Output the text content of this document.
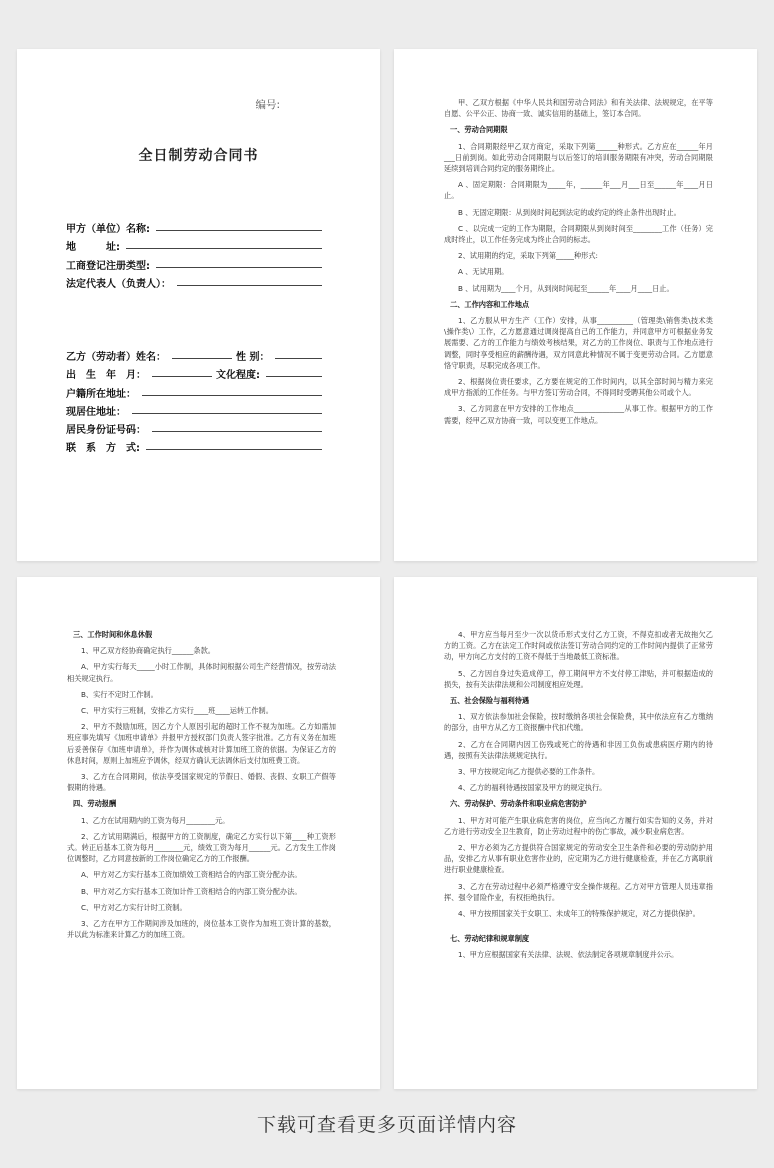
编号:
全日制劳动合同书
甲方（单位）名称:
地　　　址:
工商登记注册类型:
法定代表人（负责人）：
乙方（劳动者）姓名：	性 别：
出　生　年　月：	文化程度:
户籍所在地址：
现居住地址：
居民身份证号码：
联　系　方　式:

甲、乙双方根据《中华人民共和国劳动合同法》和有关法律、法规规定，在平等自愿、公平公正、协商一致、诚实信用的基础上，签订本合同。

一、劳动合同期限

1、合同期限经甲乙双方商定，采取下列第______种形式。乙方应在______年月___日前到岗。如此劳动合同期限与以后签订的培训服务期限有冲突，劳动合同期限延续到培训合同约定的服务期终止。

A 、固定期限：合同期限为_____年，______年___月___日至______年____月日止。

B 、无固定期限：从到岗时间起到法定的或约定的终止条件出现时止。

C 、以完成一定的工作为期限，合同期限从到岗时间至________工作（任务）完成时终止，以工作任务完成为终止合同的标志。

2、试用期的约定，采取下列第_____种形式:

A 、无试用期。

B 、试用期为____个月，从到岗时间起至______年____月____日止。

二、工作内容和工作地点

1、乙方服从甲方生产（工作）安排，从事__________（管理类\销售类\技术类\操作类\）工作，乙方愿意通过调岗提高自己的工作能力，并同意甲方可根据业务发展需要、乙方的工作能力与绩效考核结果，对乙方的工作岗位、职责与工作地点进行调整，同时享受相应的薪酬待遇，双方同意此种情况不属于变更劳动合同。乙方愿意恪守职责，尽职完成各项工作。

2、根据岗位责任要求，乙方要在规定的工作时间内，以其全部时间与精力来完成甲方指派的工作任务。与甲方签订劳动合同，不得同时受聘其他公司或个人。

3、乙方同意在甲方安排的工作地点______________从事工作。根据甲方的工作需要，经甲乙双方协商一致，可以变更工作地点。

三、工作时间和休息休假

1、甲乙双方经协商确定执行______条款。

A、甲方实行每天_____小时工作制，具体时间根据公司生产经营情况，按劳动法相关规定执行。

B、实行不定时工作制。

C、甲方实行三班制，安排乙方实行____班____运转工作制。

2、甲方不鼓励加班，因乙方个人原因引起的超时工作不视为加班。乙方如需加班应事先填写《加班申请单》并报甲方授权部门负责人签字批准。乙方有义务在加班后妥善保存《加班申请单》，并作为调休或核对计算加班工资的依据。为保证乙方的休息时间，原则上加班应予调休，经双方确认无法调休后支付加班费工资。

3、乙方在合同期间，依法享受国家规定的节假日、婚假、丧假、女职工产假等假期的待遇。

四、劳动报酬

1、乙方在试用期内的工资为每月________元。

2、乙方试用期满后，根据甲方的工资制度，确定乙方实行以下第____种工资形式。转正后基本工资为每月________元，绩效工资为每月______元。乙方发生工作岗位调整时，乙方同意按新的工作岗位确定乙方的工作报酬。

A、甲方对乙方实行基本工资加绩效工资相结合的内部工资分配办法。

B、甲方对乙方实行基本工资加计件工资相结合的内部工资分配办法。

C、甲方对乙方实行计时工资制。

3、乙方在甲方工作期间涉及加班的，岗位基本工资作为加班工资计算的基数，并以此为标准来计算乙方的加班工资。

4、甲方应当每月至少一次以货币形式支付乙方工资，不得克扣或者无故拖欠乙方的工资。乙方在法定工作时间或依法签订劳动合同约定的工作时间内提供了正常劳动，甲方向乙方支付的工资不得低于当地最低工资标准。

5、乙方因自身过失造成停工，停工期间甲方不支付停工津贴，并可根据造成的损失，按有关法律法规和公司制度相应处理。

五、社会保险与福利待遇

1、双方依法参加社会保险，按时缴纳各项社会保险费，其中依法应有乙方缴纳的部分，由甲方从乙方工资报酬中代扣代缴。

2、乙方在合同期内因工伤残或死亡的待遇和非因工负伤或患病医疗期内的待遇，按照有关法律法规规定执行。

3、甲方按规定向乙方提供必要的工作条件。

4、乙方的福利待遇按国家及甲方的规定执行。

六、劳动保护、劳动条件和职业病危害防护

1、甲方对可能产生职业病危害的岗位，应当向乙方履行如实告知的义务，并对乙方进行劳动安全卫生教育，防止劳动过程中的伤亡事故，减少职业病危害。

2、甲方必须为乙方提供符合国家规定的劳动安全卫生条件和必要的劳动防护用品，安排乙方从事有职业危害作业的，应定期为乙方进行健康检查，并在乙方离职前进行职业健康检查。

3、乙方在劳动过程中必须严格遵守安全操作规程。乙方对甲方管理人员违章指挥、强令冒险作业，有权拒绝执行。

4、甲方按照国家关于女职工、未成年工的特殊保护规定，对乙方提供保护。

七、劳动纪律和规章制度

1、甲方应根据国家有关法律、法规、依法制定各项规章制度并公示。

下载可查看更多页面详情内容
